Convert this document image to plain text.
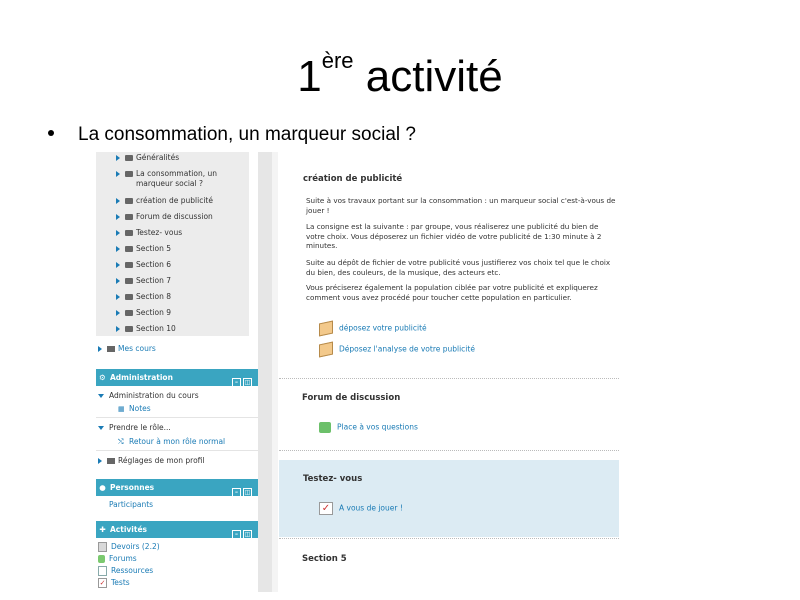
1ère activité
La consommation, un marqueur social ?
Généralités
La consommation, un marqueur social ?
création de publicité
Forum de discussion
Testez- vous
Section 5
Section 6
Section 7
Section 8
Section 9
Section 10
Mes cours
⚙ Administration
– ◫
Administration du cours
▦ Notes
Prendre le rôle...
⤭ Retour à mon rôle normal
Réglages de mon profil
● Personnes
– ◫
Participants
✚ Activités
– ◫
Devoirs (2.2)
Forums
Ressources
✓ Tests
création de publicité
Suite à vos travaux portant sur la consommation : un marqueur social c'est-à-vous de jouer !
La consigne est la suivante : par groupe, vous réaliserez une publicité du bien de votre choix. Vous déposerez un fichier vidéo de votre publicité de 1:30 minute à 2 minutes.
Suite au dépôt de fichier de votre publicité vous justifierez vos choix tel que le choix du bien, des couleurs, de la musique, des acteurs etc.
Vous préciserez également la population ciblée par votre publicité et expliquerez comment vous avez procédé pour toucher cette population en particulier.
déposez votre publicité
Déposez l'analyse de votre publicité
Forum de discussion
Place à vos questions
Testez- vous
✓ A vous de jouer !
Section 5
